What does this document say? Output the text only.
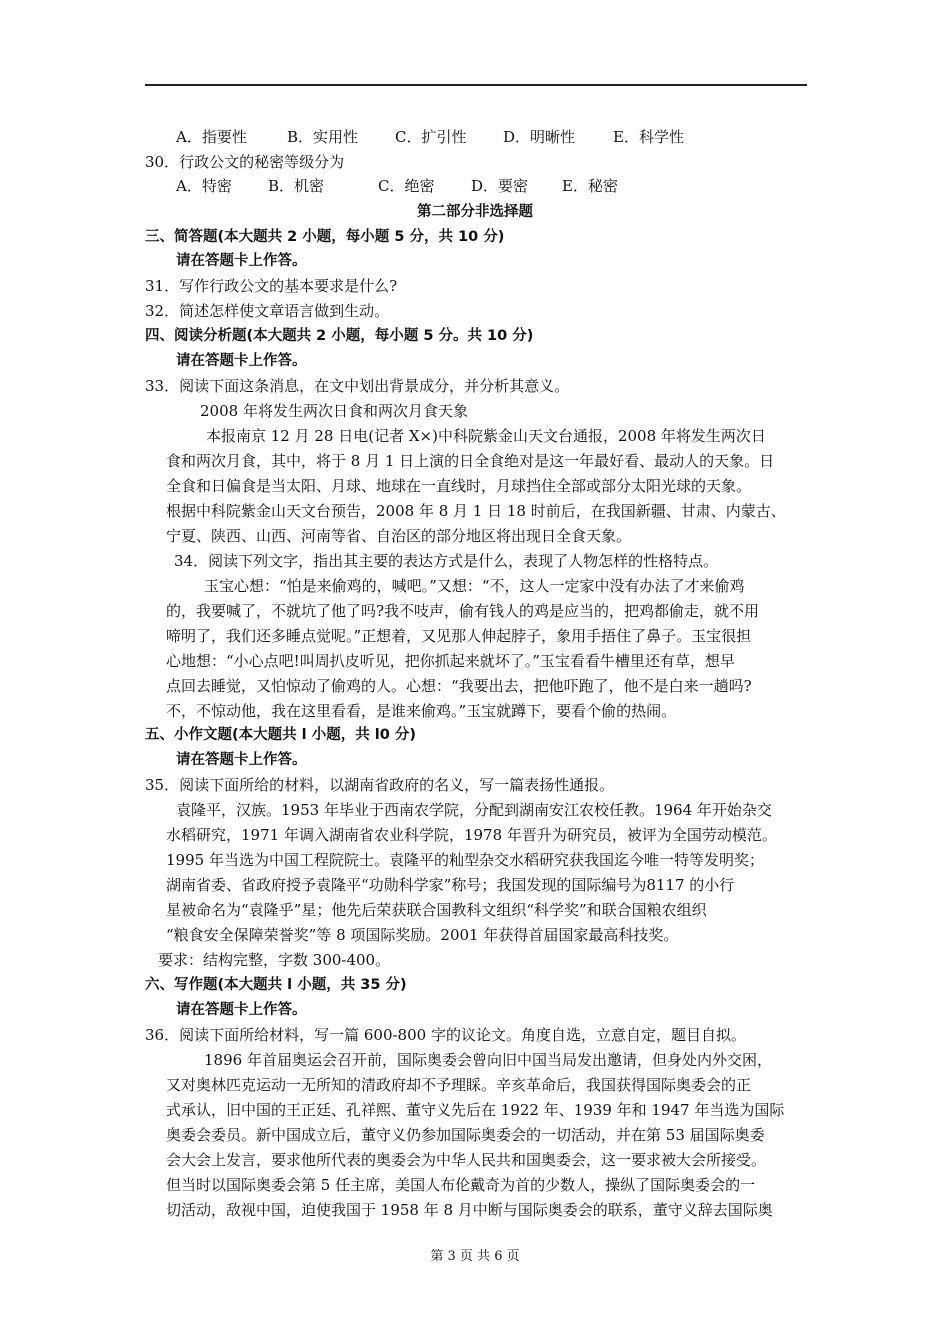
A．指要性	B．实用性 C．扩引性 D．明晰性	E．科学性
30．行政公文的秘密等级分为
A．特密 B．机密	C．绝密 D．要密 E．秘密
第二部分非选择题
三、简答题(本大题共 2 小题，每小题 5 分，共 10 分)
请在答题卡上作答。
31．写作行政公文的基本要求是什么?
32．简述怎样使文章语言做到生动。
四、阅读分析题(本大题共 2 小题，每小题 5 分。共 10 分)
请在答题卡上作答。
33．阅读下面这条消息，在文中划出背景成分，并分析其意义。
2008 年将发生两次日食和两次月食天象
本报南京 12 月 28 日电(记者 X×)中科院紫金山天文台通报，2008 年将发生两次日
食和两次月食，其中，将于 8 月 1 日上演的日全食绝对是这一年最好看、最动人的天象。日
全食和日偏食是当太阳、月球、地球在一直线时，月球挡住全部或部分太阳光球的天象。
根据中科院紫金山天文台预告，2008 年 8 月 1 日 18 时前后，在我国新疆、甘肃、内蒙古、
宁夏、陕西、山西、河南等省、自治区的部分地区将出现日全食天象。
34．阅读下列文字，指出其主要的表达方式是什么，表现了人物怎样的性格特点。
玉宝心想：“怕是来偷鸡的，喊吧。”又想：“不，这人一定家中没有办法了才来偷鸡
的，我要喊了，不就坑了他了吗?我不吱声，偷有钱人的鸡是应当的，把鸡都偷走，就不用
啼明了，我们还多睡点觉呢。”正想着，又见那人伸起脖子，象用手捂住了鼻子。玉宝很担
心地想：“小心点吧!叫周扒皮听见，把你抓起来就坏了。”玉宝看看牛槽里还有草，想早
点回去睡觉，又怕惊动了偷鸡的人。心想：“我要出去，把他吓跑了，他不是白来一趟吗?
不，不惊动他，我在这里看看，是谁来偷鸡。”玉宝就蹲下，要看个偷的热闹。
五、小作文题(本大题共 l 小题，共 l0 分)
请在答题卡上作答。
35．阅读下面所给的材料，以湖南省政府的名义，写一篇表扬性通报。
袁隆平，汉族。1953 年毕业于西南农学院，分配到湖南安江农校任教。1964 年开始杂交
水稻研究，1971 年调入湖南省农业科学院，1978 年晋升为研究员，被评为全国劳动模范。
1995 年当选为中国工程院院士。袁隆平的籼型杂交水稻研究获我国迄今唯一特等发明奖；
湖南省委、省政府授予袁隆平“功勋科学家”称号；我国发现的国际编号为8117 的小行
星被命名为“袁隆乎”星；他先后荣获联合国教科文组织“科学奖”和联合国粮农组织
“粮食安全保障荣誉奖”等 8 项国际奖励。2001 年获得首届国家最高科技奖。
要求：结构完整，字数 300-400。
六、写作题(本大题共 l 小题，共 35 分)
请在答题卡上作答。
36．阅读下面所给材料，写一篇 600-800 字的议论文。角度自选，立意自定，题目自拟。
1896 年首届奥运会召开前，国际奥委会曾向旧中国当局发出邀请，但身处内外交困，
又对奥林匹克运动一无所知的清政府却不予理睬。辛亥革命后，我国获得国际奥委会的正
式承认，旧中国的王正廷、孔祥熙、董守义先后在 1922 年、1939 年和 1947 年当选为国际
奥委会委员。新中国成立后，董守义仍参加国际奥委会的一切活动，并在第 53 届国际奥委
会大会上发言，要求他所代表的奥委会为中华人民共和国奥委会，这一要求被大会所接受。
但当时以国际奥委会第 5 任主席，美国人布伦戴奇为首的少数人，操纵了国际奥委会的一
切活动，敌视中国，迫使我国于 1958 年 8 月中断与国际奥委会的联系，董守义辞去国际奥
第 3 页 共 6 页
